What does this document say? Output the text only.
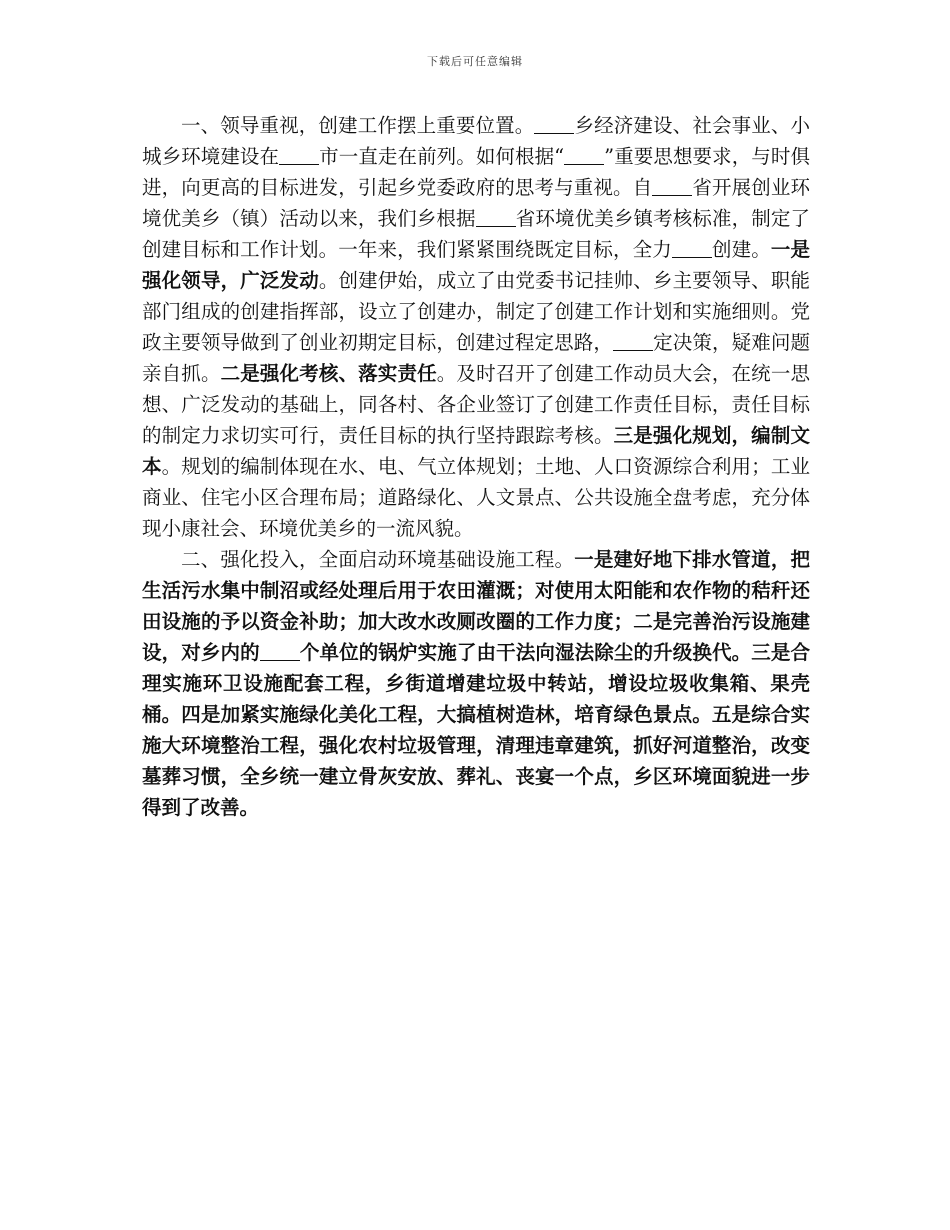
下载后可任意编辑

一、领导重视，创建工作摆上重要位置。 乡经济建设、社会事业、小城乡环境建设在 市一直走在前列。如何根据“ ”重要思想要求，与时俱进，向更高的目标进发，引起乡党委政府的思考与重视。自 省开展创业环境优美乡（镇）活动以来，我们乡根据 省环境优美乡镇考核标准，制定了创建目标和工作计划。一年来，我们紧紧围绕既定目标，全力 创建。一是强化领导，广泛发动。创建伊始，成立了由党委书记挂帅、乡主要领导、职能部门组成的创建指挥部，设立了创建办，制定了创建工作计划和实施细则。党政主要领导做到了创业初期定目标，创建过程定思路， 定决策，疑难问题亲自抓。二是强化考核、落实责任。及时召开了创建工作动员大会，在统一思想、广泛发动的基础上，同各村、各企业签订了创建工作责任目标，责任目标的制定力求切实可行，责任目标的执行坚持跟踪考核。三是强化规划，编制文本。规划的编制体现在水、电、气立体规划；土地、人口资源综合利用；工业商业、住宅小区合理布局；道路绿化、人文景点、公共设施全盘考虑，充分体现小康社会、环境优美乡的一流风貌。

二、强化投入，全面启动环境基础设施工程。一是建好地下排水管道，把生活污水集中制沼或经处理后用于农田灌溉；对使用太阳能和农作物的秸秆还田设施的予以资金补助；加大改水改厕改圈的工作力度；二是完善治污设施建设，对乡内的 个单位的锅炉实施了由干法向湿法除尘的升级换代。三是合理实施环卫设施配套工程，乡街道增建垃圾中转站，增设垃圾收集箱、果壳桶。四是加紧实施绿化美化工程，大搞植树造林，培育绿色景点。五是综合实施大环境整治工程，强化农村垃圾管理，清理违章建筑，抓好河道整治，改变墓葬习惯，全乡统一建立骨灰安放、葬礼、丧宴一个点，乡区环境面貌进一步得到了改善。
